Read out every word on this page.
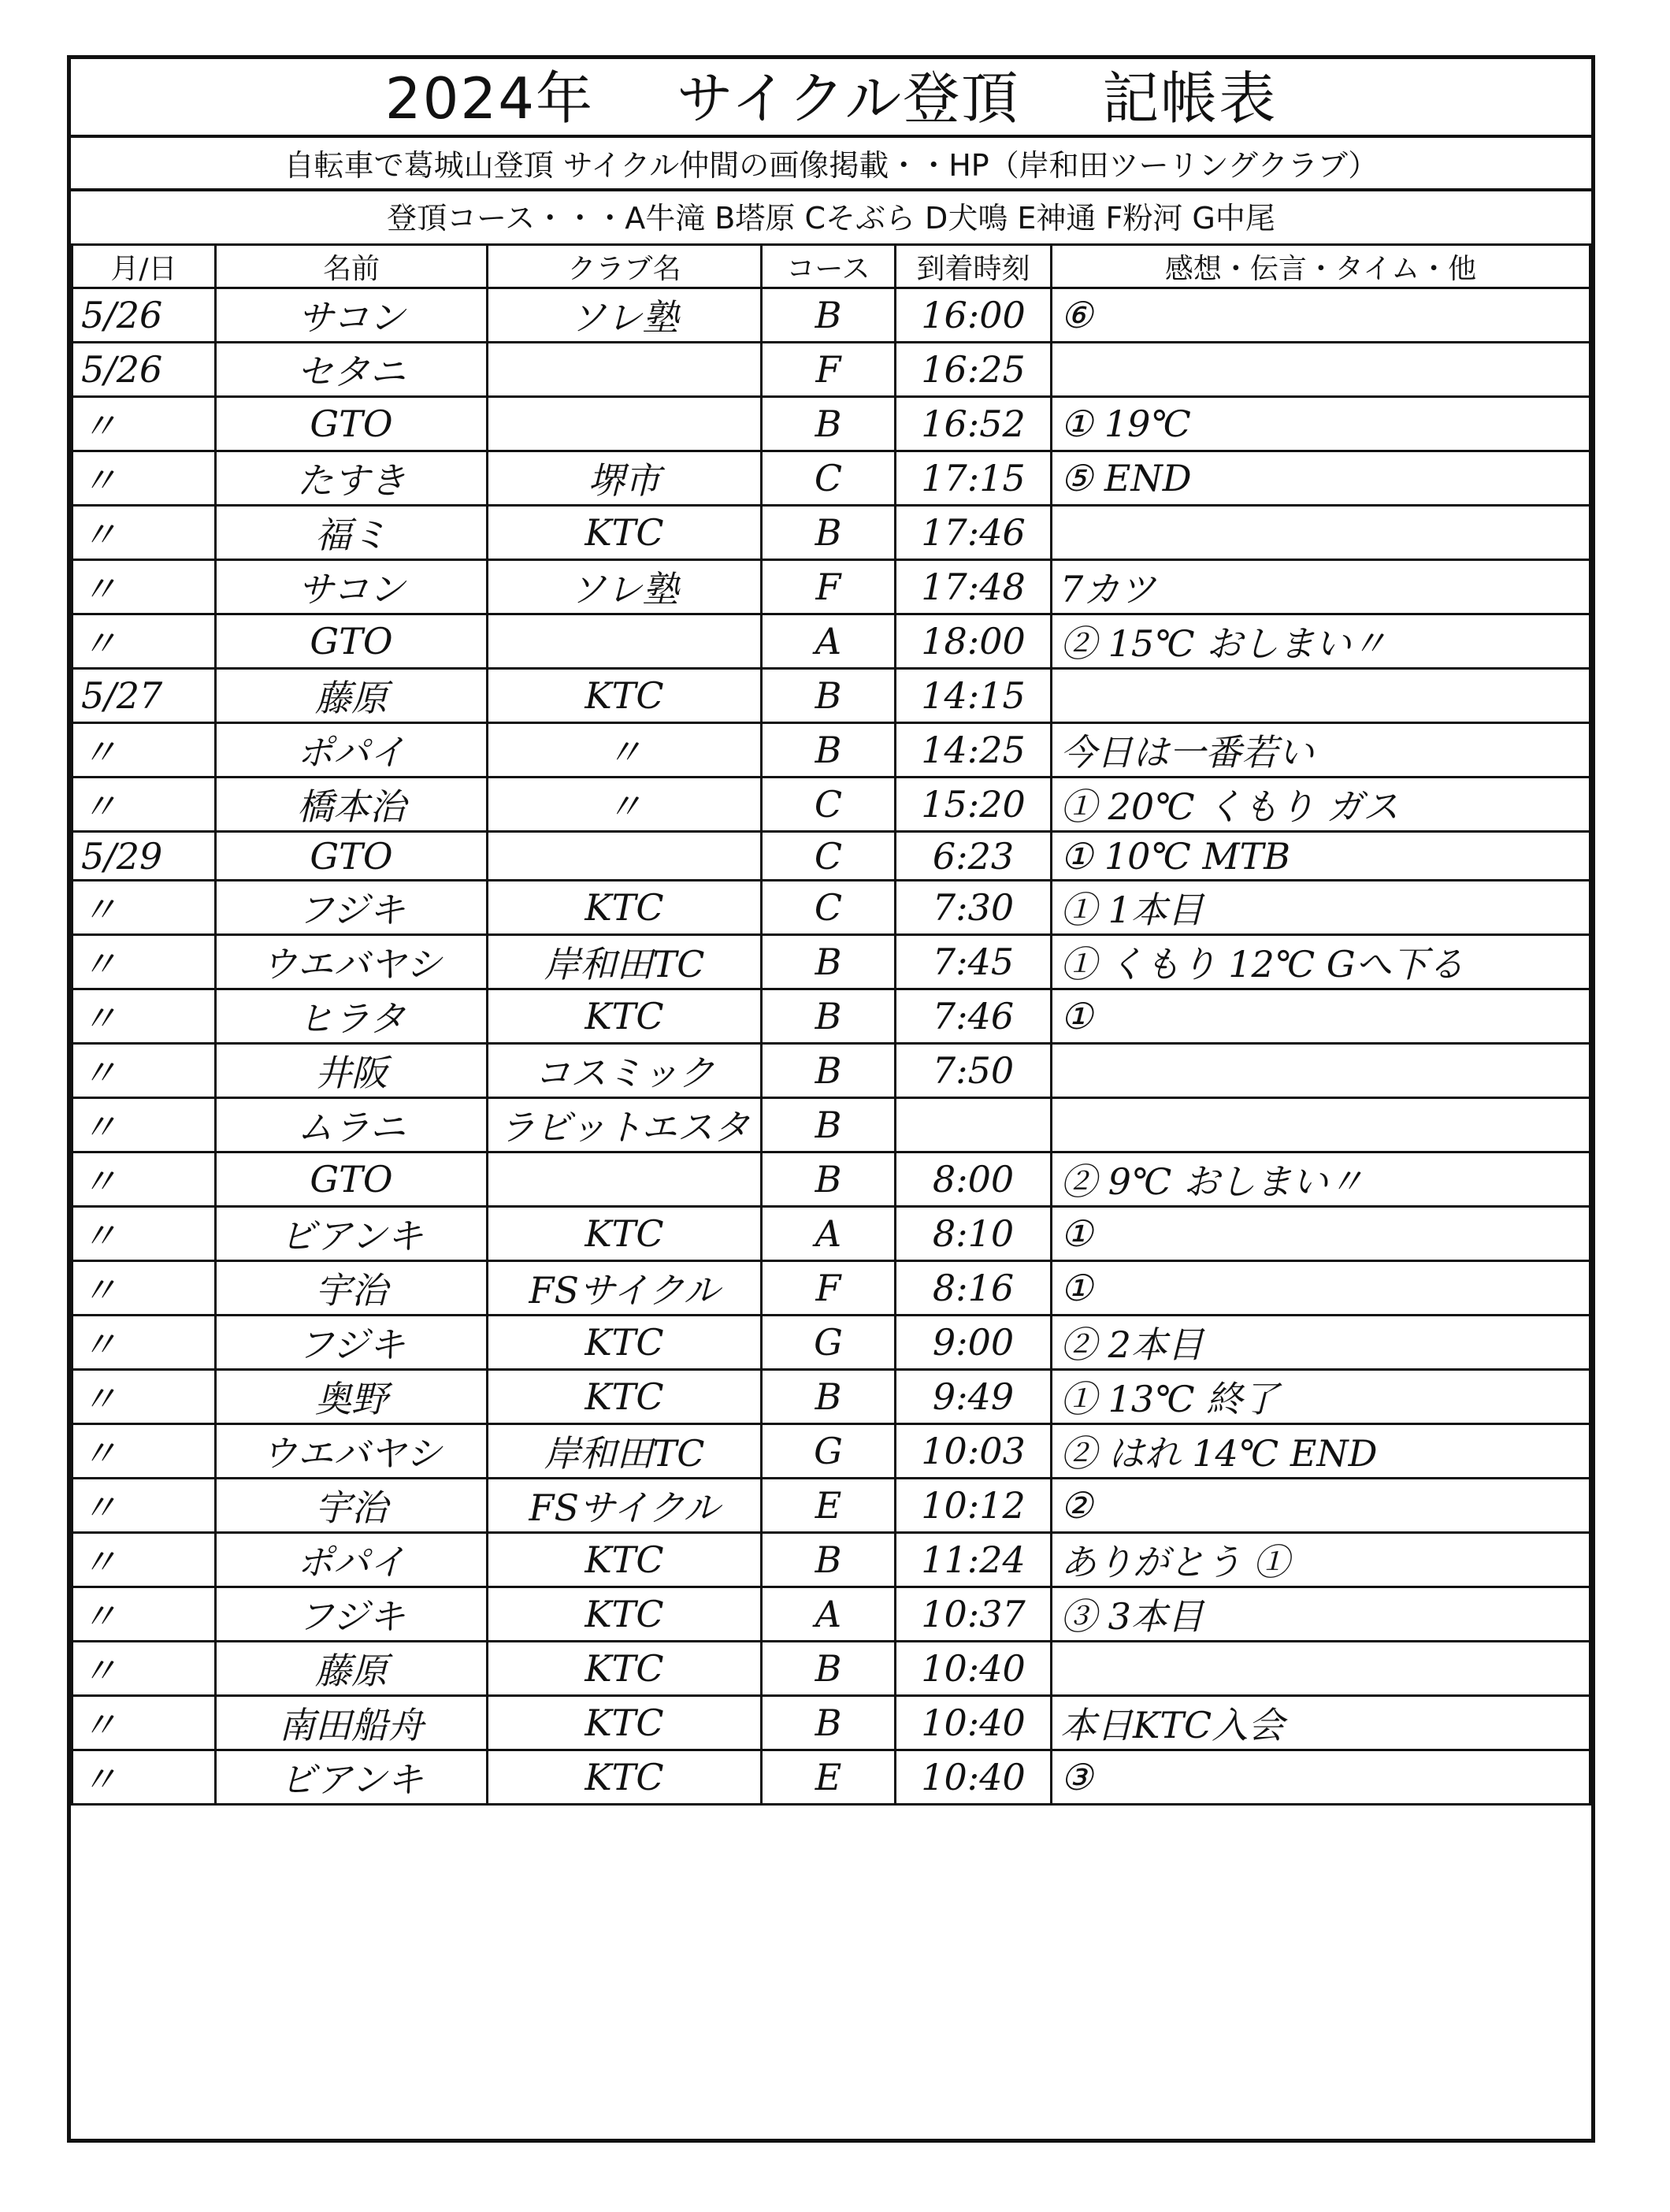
2024年 サイクル登頂 記帳表
自転車で葛城山登頂 サイクル仲間の画像掲載・・HP（岸和田ツーリングクラブ）
登頂コース・・・A牛滝 B塔原 Cそぶら D犬鳴 E神通 F粉河 G中尾
月/日	名前	クラブ名	コース	到着時刻	感想・伝言・タイム・他
5/26	サコン	ソレ塾	B	16:00	⑥
5/26	セタニ		F	16:25	
〃	GTO		B	16:52	① 19℃
〃	たすき	堺市	C	17:15	⑤ END
〃	福ミ	KTC	B	17:46	
〃	サコン	ソレ塾	F	17:48	7カツ
〃	GTO		A	18:00	② 15℃ おしまい〃
5/27	藤原	KTC	B	14:15	
〃	ポパイ	〃	B	14:25	今日は一番若い
〃	橋本治	〃	C	15:20	① 20℃ くもり ガス
5/29	GTO		C	6:23	① 10℃ MTB
〃	フジキ	KTC	C	7:30	① 1本目
〃	ウエバヤシ	岸和田TC	B	7:45	① くもり 12℃ Gへ下る
〃	ヒラタ	KTC	B	7:46	①
〃	井阪	コスミック	B	7:50	
〃	ムラニ	ラビットエスタ	B		
〃	GTO		B	8:00	② 9℃ おしまい〃
〃	ビアンキ	KTC	A	8:10	①
〃	宇治	FSサイクル	F	8:16	①
〃	フジキ	KTC	G	9:00	② 2本目
〃	奥野	KTC	B	9:49	① 13℃ 終了
〃	ウエバヤシ	岸和田TC	G	10:03	② はれ 14℃ END
〃	宇治	FSサイクル	E	10:12	②
〃	ポパイ	KTC	B	11:24	ありがとう ①
〃	フジキ	KTC	A	10:37	③ 3本目
〃	藤原	KTC	B	10:40	
〃	南田船舟	KTC	B	10:40	本日KTC入会
〃	ビアンキ	KTC	E	10:40	③
